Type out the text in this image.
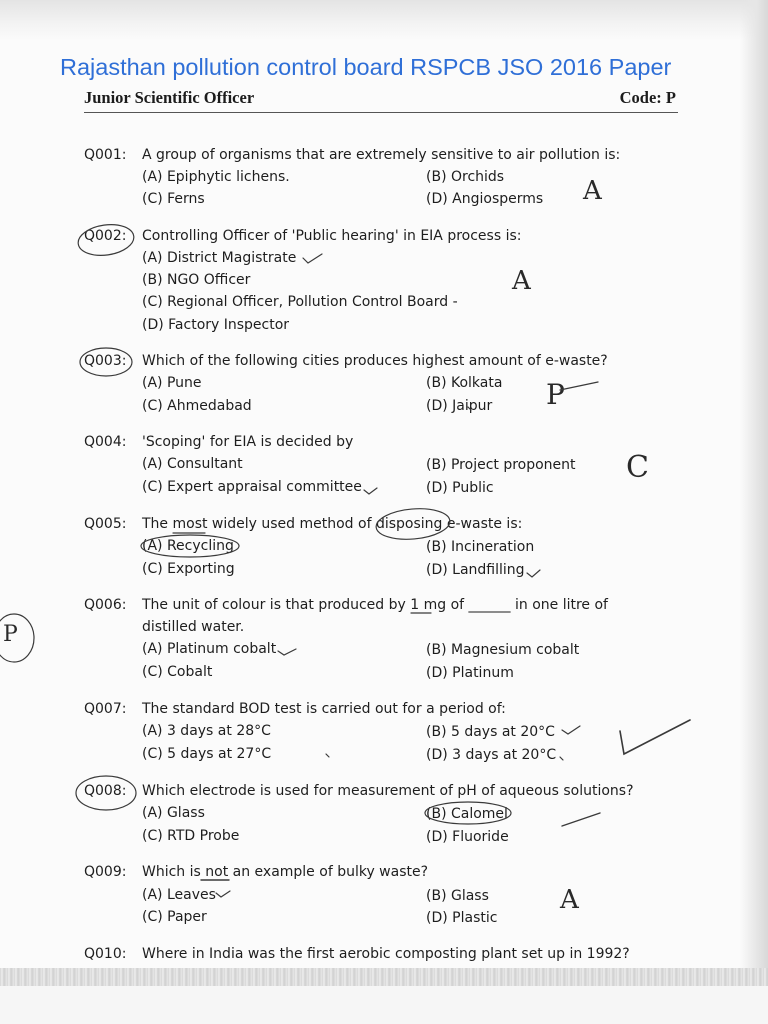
Rajasthan pollution control board RSPCB JSO 2016 Paper
Junior Scientific Officer	Code: P
Q001: A group of organisms that are extremely sensitive to air pollution is:
(A) Epiphytic lichens.	(B) Orchids
(C) Ferns	(D) Angiosperms A
Q002: Controlling Officer of 'Public hearing' in EIA process is:
(A) District Magistrate
(B) NGO Officer
(C) Regional Officer, Pollution Control Board -
(D) Factory Inspector
A
Q003: Which of the following cities produces highest amount of e-waste?
(A) Pune	(B) Kolkata
(C) Ahmedabad	(D) Jaipur P
Q004: 'Scoping' for EIA is decided by
(A) Consultant	(B) Project proponent
(C) Expert appraisal committee	(D) Public
C
Q005: The most widely used method of disposing e-waste is:
(A) Recycling	(B) Incineration
(C) Exporting	(D) Landfilling
Q006: The unit of colour is that produced by 1 mg of ______ in one litre of
distilled water.
(A) Platinum cobalt	(B) Magnesium cobalt
(C) Cobalt	(D) Platinum
P
Q007: The standard BOD test is carried out for a period of:
(A) 3 days at 28°C	(B) 5 days at 20°C
(C) 5 days at 27°C	(D) 3 days at 20°C
Q008: Which electrode is used for measurement of pH of aqueous solutions?
(A) Glass	(B) Calomel
(C) RTD Probe	(D) Fluoride
Q009: Which is not an example of bulky waste?
(A) Leaves	(B) Glass
(C) Paper	(D) Plastic
A
Q010: Where in India was the first aerobic composting plant set up in 1992?
